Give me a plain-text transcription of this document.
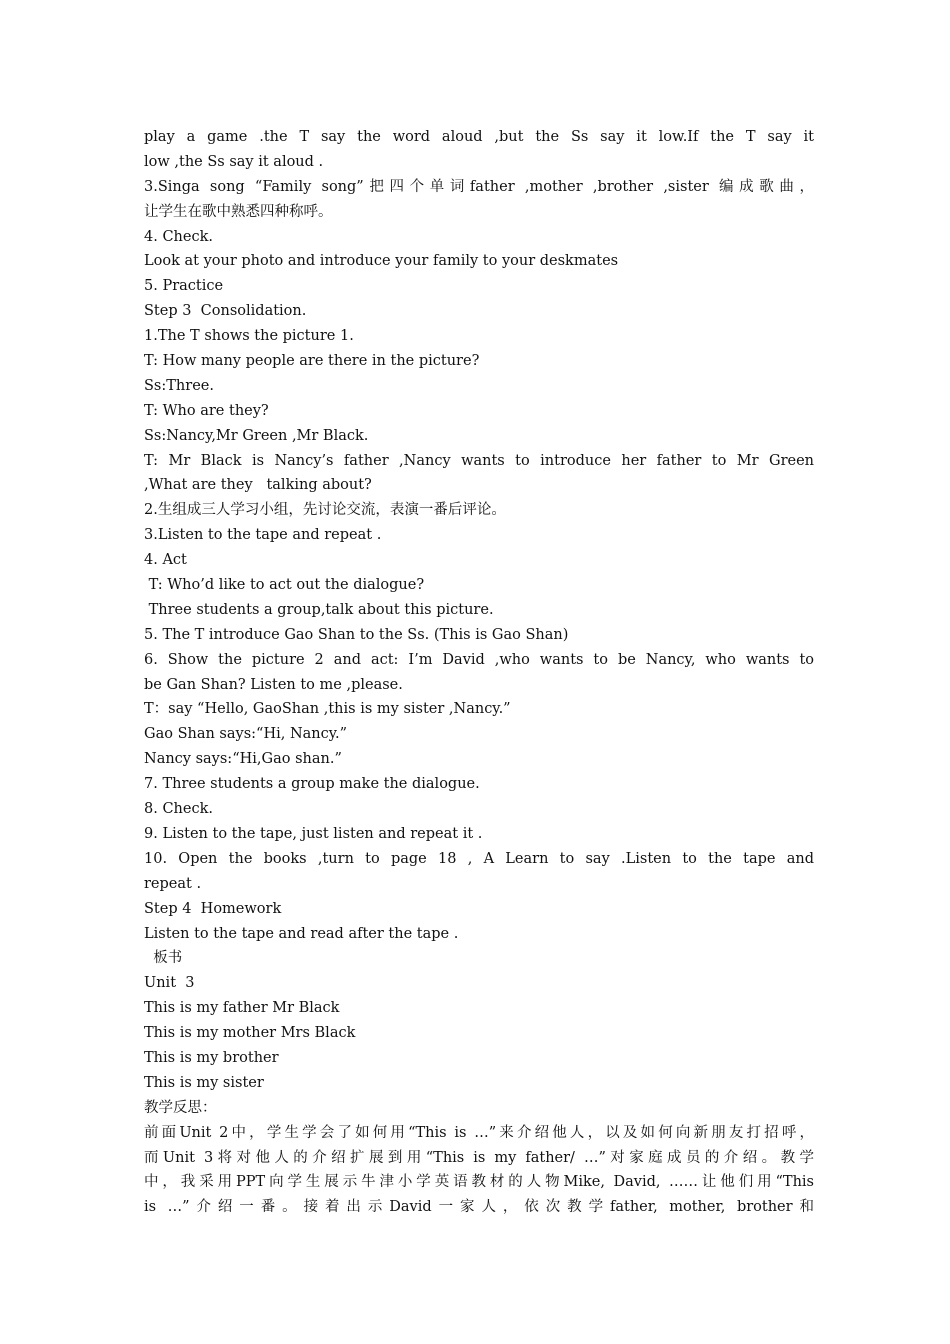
play a game .the T say the word aloud ,but the Ss say it low.If the T say it
low ,the Ss say it aloud .
3.Singa song “Family song”把四个单词father ,mother ,brother ,sister 编成歌曲，
让学生在歌中熟悉四种称呼。
4. Check.
Look at your photo and introduce your family to your deskmates
5. Practice
Step 3  Consolidation.
1.The T shows the picture 1.
T: How many people are there in the picture?
Ss:Three.
T: Who are they?
Ss:Nancy,Mr Green ,Mr Black.
T: Mr Black is Nancy’s father ,Nancy wants to introduce her father to Mr Green
,What are they   talking about?
2.生组成三人学习小组，先讨论交流，表演一番后评论。
3.Listen to the tape and repeat .
4. Act
T: Who’d like to act out the dialogue?
Three students a group,talk about this picture.
5. The T introduce Gao Shan to the Ss. (This is Gao Shan)
6. Show the picture 2 and act: I’m David ,who wants to be Nancy, who wants to
be Gan Shan? Listen to me ,please.
T：say “Hello, GaoShan ,this is my sister ,Nancy.”
Gao Shan says:“Hi, Nancy.”
Nancy says:“Hi,Gao shan.”
7. Three students a group make the dialogue.
8. Check.
9. Listen to the tape, just listen and repeat it .
10. Open the books ,turn to page 18 , A Learn to say .Listen to the tape and
repeat .
Step 4  Homework
Listen to the tape and read after the tape .
板书
Unit  3
This is my father Mr Black
This is my mother Mrs Black
This is my brother
This is my sister
教学反思：
前面Unit 2中，学生学会了如何用“This is …”来介绍他人，以及如何向新朋友打招呼，
而Unit 3将对他人的介绍扩展到用“This is my father/ …”对家庭成员的介绍。教学
中，我采用PPT向学生展示牛津小学英语教材的人物Mike, David, ……让他们用“This
is …”介绍一番。接着出示David一家人，依次教学father, mother, brother和
